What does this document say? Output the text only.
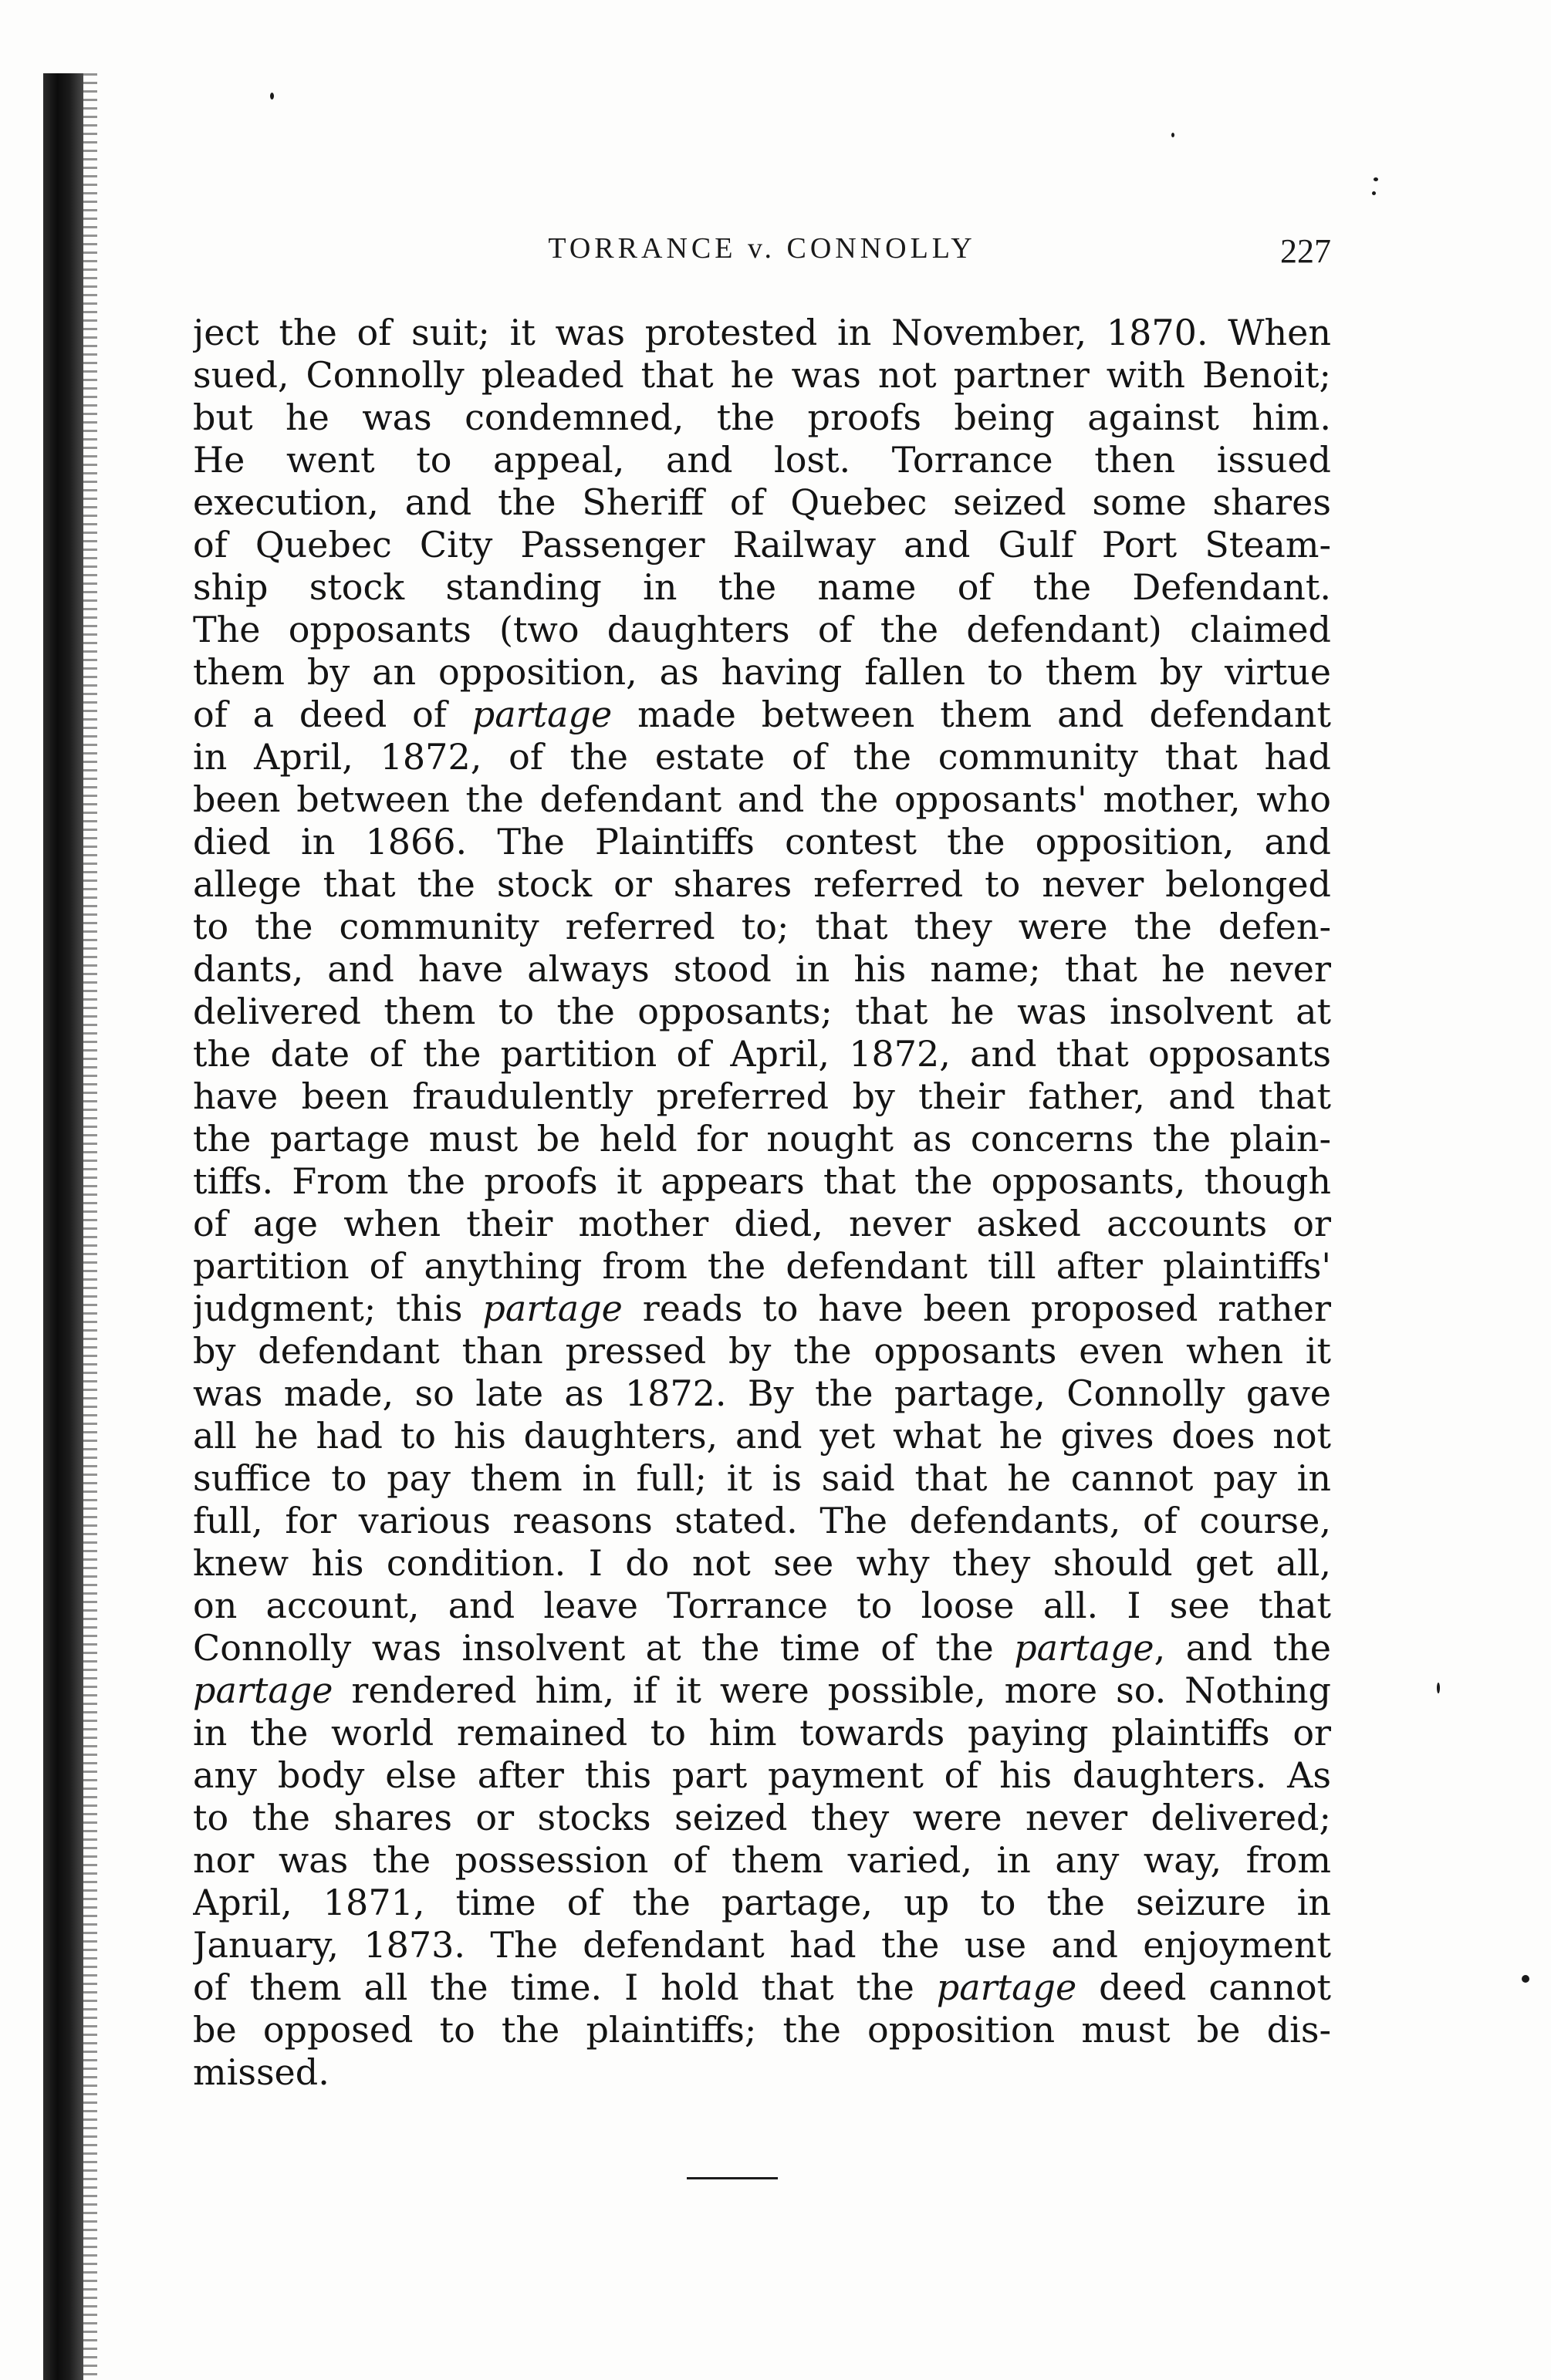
TORRANCE v. CONNOLLY	227
ject the of suit; it was protested in November, 1870. When
sued, Connolly pleaded that he was not partner with Benoit;
but he was condemned, the proofs being against him.
He went to appeal, and lost. Torrance then issued
execution, and the Sheriff of Quebec seized some shares
of Quebec City Passenger Railway and Gulf Port Steam-
ship stock standing in the name of the Defendant.
The opposants (two daughters of the defendant) claimed
them by an opposition, as having fallen to them by virtue
of a deed of partage made between them and defendant
in April, 1872, of the estate of the community that had
been between the defendant and the opposants' mother, who
died in 1866. The Plaintiffs contest the opposition, and
allege that the stock or shares referred to never belonged
to the community referred to; that they were the defen-
dants, and have always stood in his name; that he never
delivered them to the opposants; that he was insolvent at
the date of the partition of April, 1872, and that opposants
have been fraudulently preferred by their father, and that
the partage must be held for nought as concerns the plain-
tiffs. From the proofs it appears that the opposants, though
of age when their mother died, never asked accounts or
partition of anything from the defendant till after plaintiffs'
judgment; this partage reads to have been proposed rather
by defendant than pressed by the opposants even when it
was made, so late as 1872. By the partage, Connolly gave
all he had to his daughters, and yet what he gives does not
suffice to pay them in full; it is said that he cannot pay in
full, for various reasons stated. The defendants, of course,
knew his condition. I do not see why they should get all,
on account, and leave Torrance to loose all. I see that
Connolly was insolvent at the time of the partage, and the
partage rendered him, if it were possible, more so. Nothing
in the world remained to him towards paying plaintiffs or
any body else after this part payment of his daughters. As
to the shares or stocks seized they were never delivered;
nor was the possession of them varied, in any way, from
April, 1871, time of the partage, up to the seizure in
January, 1873. The defendant had the use and enjoyment
of them all the time. I hold that the partage deed cannot
be opposed to the plaintiffs; the opposition must be dis-
missed.
